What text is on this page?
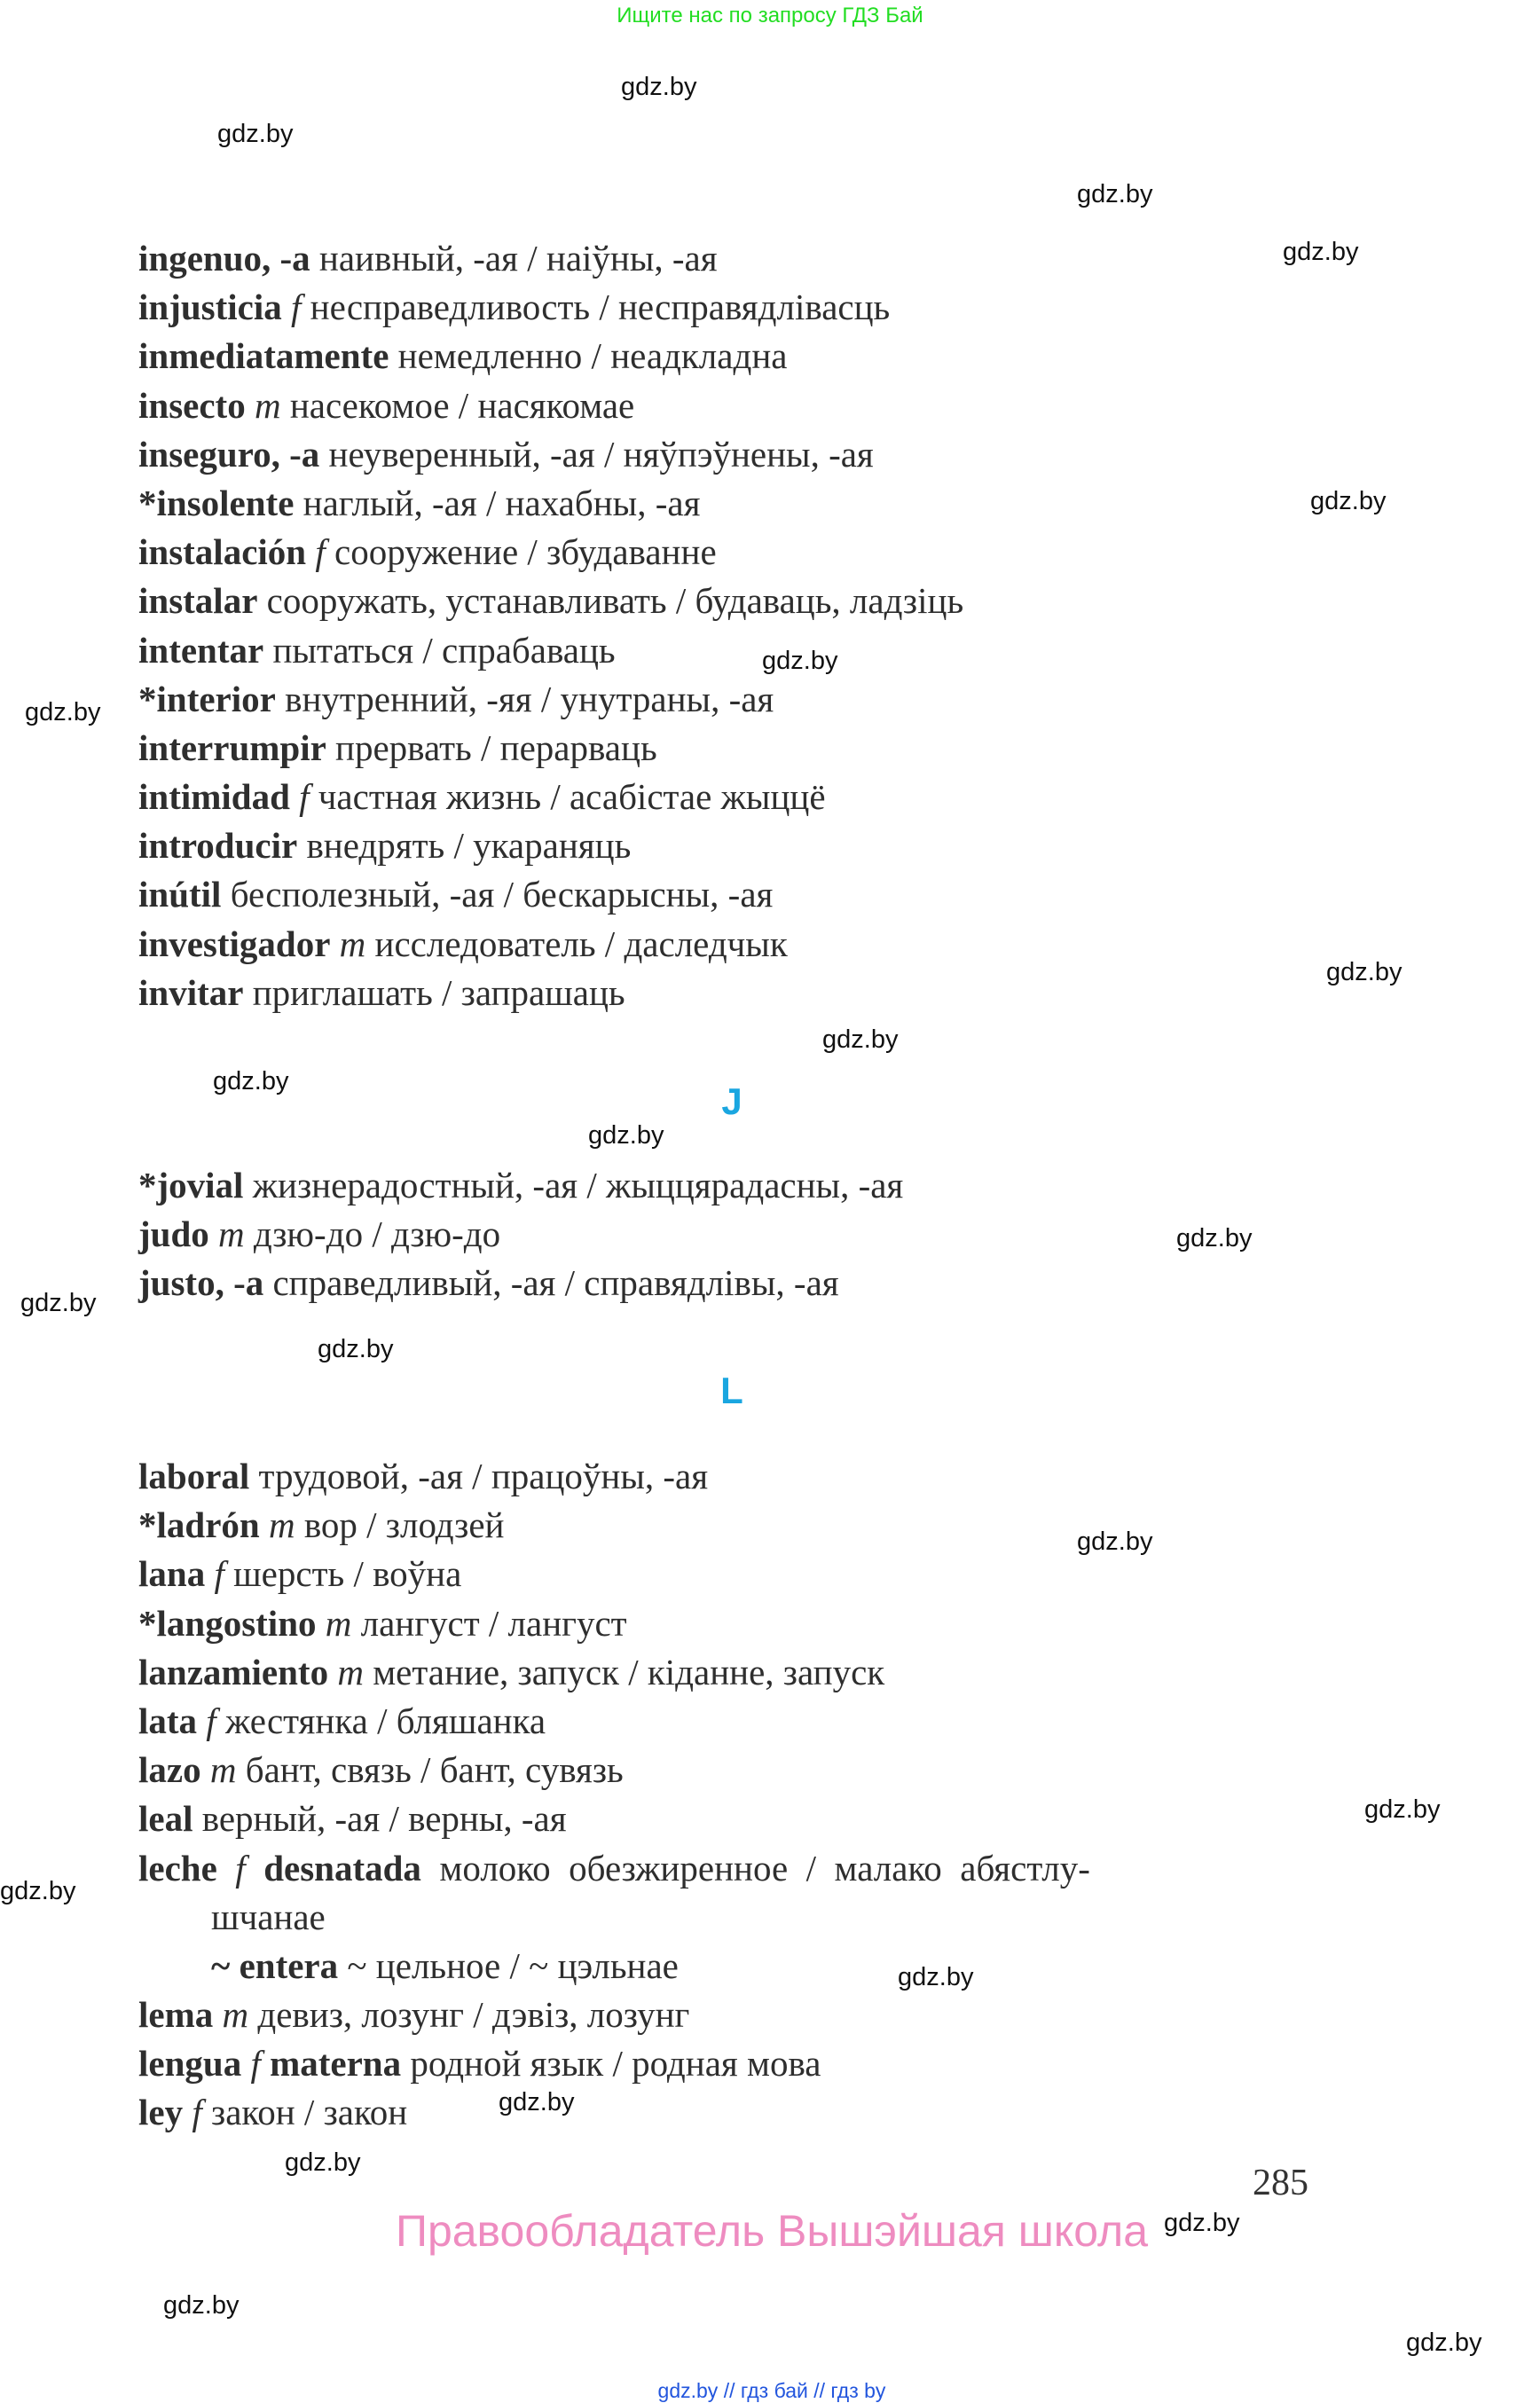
Ищите нас по запросу ГДЗ Бай
gdz.by
gdz.by
gdz.by
gdz.by
gdz.by
gdz.by
gdz.by
gdz.by
gdz.by
gdz.by
gdz.by
gdz.by
gdz.by
gdz.by
gdz.by
gdz.by
gdz.by
gdz.by
gdz.by
gdz.by
gdz.by
gdz.by
gdz.by
ingenuo, -a наивный, -ая / наіўны, -ая
injusticia f несправедливость / несправядлівасць
inmediatamente немедленно / неадкладна
insecto m насекомое / насякомае
inseguro, -a неуверенный, -ая / няўпэўнены, -ая
*insolente наглый, -ая / нахабны, -ая
instalación f сооружение / збудаванне
instalar сооружать, устанавливать / будаваць, ладзіць
intentar пытаться / спрабаваць
*interior внутренний, -яя / унутраны, -ая
interrumpir прервать / перарваць
intimidad f частная жизнь / асабістае жыццё
introducir внедрять / укараняць
inútil бесполезный, -ая / бескарысны, -ая
investigador m исследователь / даследчык
invitar приглашать / запрашаць
J
*jovial жизнерадостный, -ая / жыццярадасны, -ая
judo m дзю-до / дзю-до
justo, -a справедливый, -ая / справядлівы, -ая
L
laboral трудовой, -ая / працоўны, -ая
*ladrón m вор / злодзей
lana f шерсть / воўна
*langostino m лангуст / лангуст
lanzamiento m метание, запуск / кіданне, запуск
lata f жестянка / бляшанка
lazo m бант, связь / бант, сувязь
leal верный, -ая / верны, -ая
leche  f  desnatada  молоко  обезжиренное  /  малако  абястлу-
шчанае
~ entera ~ цельное / ~ цэльнае
lema m девиз, лозунг / дэвіз, лозунг
lengua f materna родной язык / родная мова
ley f закон / закон
285
Правообладатель Вышэйшая школа
gdz.by // гдз бай // гдз by
